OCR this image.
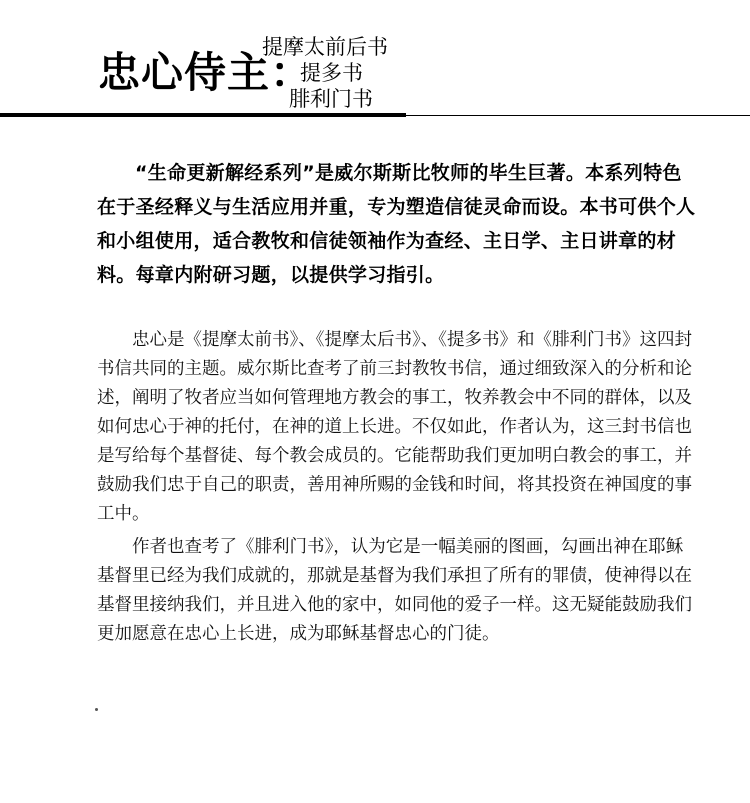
忠心侍主：
提摩太前后书
提多书
腓利门书

“生命更新解经系列”是威尔斯斯比牧师的毕生巨著。本系列特色在于圣经释义与生活应用并重，专为塑造信徒灵命而设。本书可供个人和小组使用，适合教牧和信徒领袖作为查经、主日学、主日讲章的材料。每章内附研习题，以提供学习指引。

忠心是《提摩太前书》、《提摩太后书》、《提多书》和《腓利门书》这四封书信共同的主题。威尔斯比查考了前三封教牧书信，通过细致深入的分析和论述，阐明了牧者应当如何管理地方教会的事工，牧养教会中不同的群体，以及如何忠心于神的托付，在神的道上长进。不仅如此，作者认为，这三封书信也是写给每个基督徒、每个教会成员的。它能帮助我们更加明白教会的事工，并鼓励我们忠于自己的职责，善用神所赐的金钱和时间，将其投资在神国度的事工中。

作者也查考了《腓利门书》，认为它是一幅美丽的图画，勾画出神在耶稣基督里已经为我们成就的，那就是基督为我们承担了所有的罪债，使神得以在基督里接纳我们，并且进入他的家中，如同他的爱子一样。这无疑能鼓励我们更加愿意在忠心上长进，成为耶稣基督忠心的门徒。
